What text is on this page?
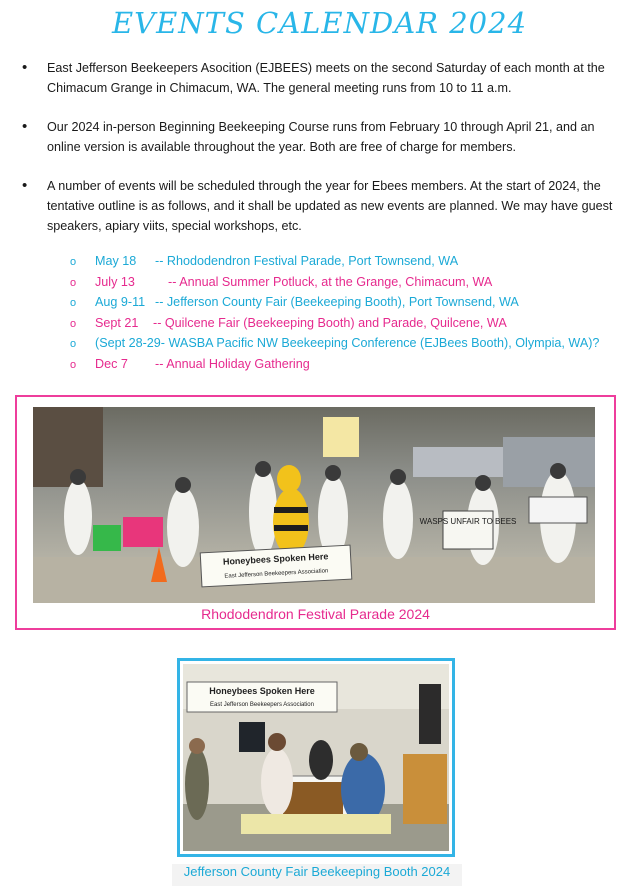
EVENTS CALENDAR 2024
• East Jefferson Beekeepers Asocition (EJBEES) meets on the second Saturday of each month at the Chimacum Grange in Chimacum, WA. The general meeting runs from 10 to 11 a.m.
• Our 2024 in-person Beginning Beekeeping Course runs from February 10 through April 21, and an online version is available throughout the year. Both are free of charge for members.
• A number of events will be scheduled through the year for Ebees members. At the start of 2024, the tentative outline is as follows, and it shall be updated as new events are planned. We may have guest speakers, apiary viits, special workshops, etc.
o May 18 -- Rhododendron Festival Parade, Port Townsend, WA
o July 13	-- Annual Summer Potluck, at the Grange, Chimacum, WA
o Aug 9-11 -- Jefferson County Fair (Beekeeping Booth), Port Townsend, WA
o Sept 21 -- Quilcene Fair (Beekeeping Booth) and Parade, Quilcene, WA
o (Sept 28-29- WASBA Pacific NW Beekeeping Conference (EJBees Booth), Olympia, WA)?
o Dec 7 -- Annual Holiday Gathering
WASPS UNFAIR TO BEES
Honeybees Spoken Here
East Jefferson Beekeepers Association
Rhododendron Festival Parade 2024
Honeybees Spoken Here
East Jefferson Beekeepers Association
Jefferson County Fair Beekeeping Booth 2024
